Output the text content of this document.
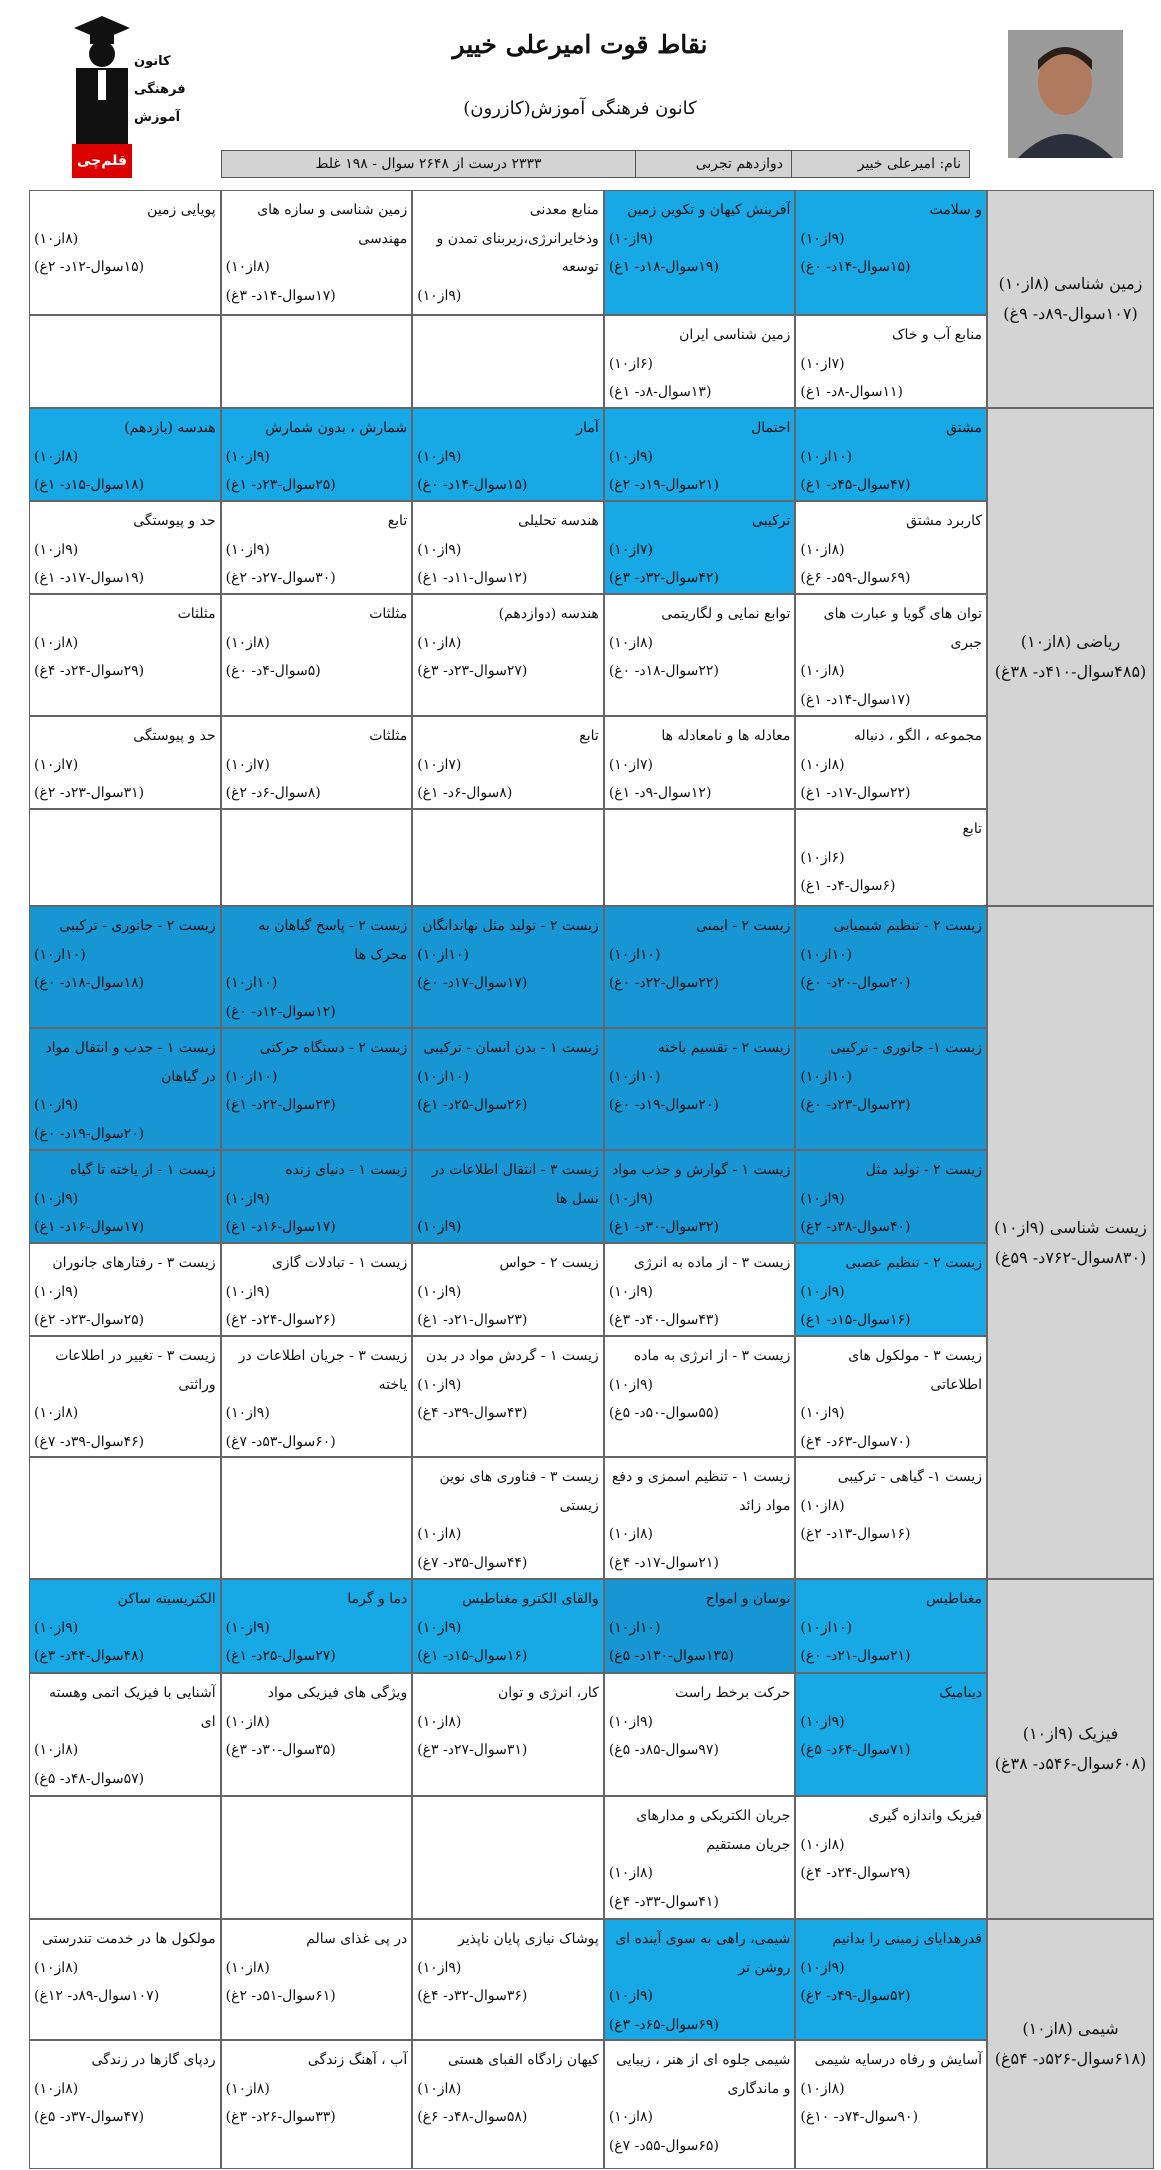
کانون
فرهنگی
آموزش
قلم‌چی
نقاط قوت امیرعلی خییر
کانون فرهنگی آموزش(کازرون)
نام: امیرعلی خییر
دوازدهم تجربی
۲۳۳۳ درست از ۲۶۴۸ سوال - ۱۹۸ غلط
زمین شناسی (۸از۱۰) (۱۰۷سوال-۸۹د- ۹غ)
و سلامت
(۹از۱۰)
(۱۵سوال-۱۴د- ۰غ)
آفرینش کیهان و تکوین زمین
(۹از۱۰)
(۱۹سوال-۱۸د- ۱غ)
منابع معدنی وذخایرانرژی،زیربنای تمدن و توسعه
(۹از۱۰)
زمین شناسی و سازه های مهندسی
(۸از۱۰)
(۱۷سوال-۱۴د- ۳غ)
پویایی زمین
(۸از۱۰)
(۱۵سوال-۱۲د- ۲غ)
منابع آب و خاک
(۷از۱۰)
(۱۱سوال-۸د- ۱غ)
زمین شناسی ایران
(۶از۱۰)
(۱۳سوال-۸د- ۱غ)
ریاضی (۸از۱۰) (۴۸۵سوال-۴۱۰د- ۳۸غ)
مشتق
(۱۰از۱۰)
(۴۷سوال-۴۵د- ۱غ)
احتمال
(۹از۱۰)
(۲۱سوال-۱۹د- ۲غ)
آمار
(۹از۱۰)
(۱۵سوال-۱۴د- ۰غ)
شمارش ، بدون شمارش
(۹از۱۰)
(۲۵سوال-۲۳د- ۱غ)
هندسه (یازدهم)
(۸از۱۰)
(۱۸سوال-۱۵د- ۱غ)
کاربرد مشتق
(۸از۱۰)
(۶۹سوال-۵۹د- ۶غ)
ترکیبی
(۷از۱۰)
(۴۲سوال-۳۲د- ۳غ)
هندسه تحلیلی
(۹از۱۰)
(۱۲سوال-۱۱د- ۱غ)
تابع
(۹از۱۰)
(۳۰سوال-۲۷د- ۲غ)
حد و پیوستگی
(۹از۱۰)
(۱۹سوال-۱۷د- ۱غ)
توان های گویا و عبارت های جبری
(۸از۱۰)
(۱۷سوال-۱۴د- ۱غ)
توابع نمایی و لگاریتمی
(۸از۱۰)
(۲۲سوال-۱۸د- ۰غ)
هندسه (دوازدهم)
(۸از۱۰)
(۲۷سوال-۲۳د- ۳غ)
مثلثات
(۸از۱۰)
(۵سوال-۴د- ۰غ)
مثلثات
(۸از۱۰)
(۲۹سوال-۲۴د- ۴غ)
مجموعه ، الگو ، دنباله
(۸از۱۰)
(۲۲سوال-۱۷د- ۱غ)
معادله ها و نامعادله ها
(۷از۱۰)
(۱۲سوال-۹د- ۱غ)
تابع
(۷از۱۰)
(۸سوال-۶د- ۱غ)
مثلثات
(۷از۱۰)
(۸سوال-۶د- ۲غ)
حد و پیوستگی
(۷از۱۰)
(۳۱سوال-۲۳د- ۲غ)
تابع
(۶از۱۰)
(۶سوال-۴د- ۱غ)
زیست شناسی (۹از۱۰) (۸۳۰سوال-۷۶۲د- ۵۹غ)
زیست ۲ - تنظیم شیمیایی
(۱۰از۱۰)
(۲۰سوال-۲۰د- ۰غ)
زیست ۲ - ایمنی
(۱۰از۱۰)
(۲۲سوال-۲۲د- ۰غ)
زیست ۲ - تولید مثل نهاندانگان
(۱۰از۱۰)
(۱۷سوال-۱۷د- ۰غ)
زیست ۲ - پاسخ گیاهان به محرک ها
(۱۰از۱۰)
(۱۲سوال-۱۲د- ۰غ)
زیست ۲ - جانوری - ترکیبی
(۱۰از۱۰)
(۱۸سوال-۱۸د- ۰غ)
زیست ۱- جانوری - ترکیبی
(۱۰از۱۰)
(۲۳سوال-۲۳د- ۰غ)
زیست ۲ - تقسیم یاخته
(۱۰از۱۰)
(۲۰سوال-۱۹د- ۰غ)
زیست ۱ - بدن انسان - ترکیبی
(۱۰از۱۰)
(۲۶سوال-۲۵د- ۱غ)
زیست ۲ - دستگاه حرکتی
(۱۰از۱۰)
(۲۳سوال-۲۲د- ۱غ)
زیست ۱ - جذب و انتقال مواد در گیاهان
(۹از۱۰)
(۲۰سوال-۱۹د- ۰غ)
زیست ۲ - تولید مثل
(۹از۱۰)
(۴۰سوال-۳۸د- ۲غ)
زیست ۱ - گوارش و جذب مواد
(۹از۱۰)
(۳۲سوال-۳۰د- ۱غ)
زیست ۳ - انتقال اطلاعات در نسل ها
(۹از۱۰)
زیست ۱ - دنیای زنده
(۹از۱۰)
(۱۷سوال-۱۶د- ۱غ)
زیست ۱ - از یاخته تا گیاه
(۹از۱۰)
(۱۷سوال-۱۶د- ۱غ)
زیست ۲ - تنظیم عصبی
(۹از۱۰)
(۱۶سوال-۱۵د- ۱غ)
زیست ۳ - از ماده به انرژی
(۹از۱۰)
(۴۳سوال-۴۰د- ۳غ)
زیست ۲ - حواس
(۹از۱۰)
(۲۳سوال-۲۱د- ۱غ)
زیست ۱ - تبادلات گازی
(۹از۱۰)
(۲۶سوال-۲۴د- ۲غ)
زیست ۳ - رفتارهای جانوران
(۹از۱۰)
(۲۵سوال-۲۳د- ۲غ)
زیست ۳ - مولکول های اطلاعاتی
(۹از۱۰)
(۷۰سوال-۶۳د- ۴غ)
زیست ۳ - از انرژی به ماده
(۹از۱۰)
(۵۵سوال-۵۰د- ۵غ)
زیست ۱ - گردش مواد در بدن
(۹از۱۰)
(۴۳سوال-۳۹د- ۴غ)
زیست ۳ - جریان اطلاعات در یاخته
(۹از۱۰)
(۶۰سوال-۵۳د- ۷غ)
زیست ۳ - تغییر در اطلاعات وراثتی
(۸از۱۰)
(۴۶سوال-۳۹د- ۷غ)
زیست ۱- گیاهی - ترکیبی
(۸از۱۰)
(۱۶سوال-۱۳د- ۲غ)
زیست ۱ - تنظیم اسمزی و دفع مواد زائد
(۸از۱۰)
(۲۱سوال-۱۷د- ۴غ)
زیست ۳ - فناوری های نوین زیستی
(۸از۱۰)
(۴۴سوال-۳۵د- ۷غ)
فیزیک (۹از۱۰) (۶۰۸سوال-۵۴۶د- ۳۸غ)
مغناطیس
(۱۰از۱۰)
(۲۱سوال-۲۱د- ۰غ)
نوسان و امواج
(۱۰از۱۰)
(۱۳۵سوال-۱۳۰د- ۵غ)
والقای الکترو مغناطیس
(۹از۱۰)
(۱۶سوال-۱۵د- ۱غ)
دما و گرما
(۹از۱۰)
(۲۷سوال-۲۵د- ۱غ)
الکتریسیته ساکن
(۹از۱۰)
(۴۸سوال-۴۴د- ۳غ)
دینامیک
(۹از۱۰)
(۷۱سوال-۶۴د- ۵غ)
حرکت برخط راست
(۹از۱۰)
(۹۷سوال-۸۵د- ۵غ)
کار، انرژی و توان
(۸از۱۰)
(۳۱سوال-۲۷د- ۳غ)
ویژگی های فیزیکی مواد
(۸از۱۰)
(۳۵سوال-۳۰د- ۳غ)
آشنایی با فیزیک اتمی وهسته ای
(۸از۱۰)
(۵۷سوال-۴۸د- ۵غ)
فیزیک واندازه گیری
(۸از۱۰)
(۲۹سوال-۲۴د- ۴غ)
جریان الکتریکی و مدارهای جریان مستقیم
(۸از۱۰)
(۴۱سوال-۳۳د- ۴غ)
شیمی (۸از۱۰) (۶۱۸سوال-۵۲۶د- ۵۴غ)
قدرهدایای زمینی را بدانیم
(۹از۱۰)
(۵۲سوال-۴۹د- ۲غ)
شیمی، راهی به سوی آینده ای روشن تر
(۹از۱۰)
(۶۹سوال-۶۵د- ۳غ)
پوشاک نیازی پایان ناپذیر
(۹از۱۰)
(۳۶سوال-۳۲د- ۴غ)
در پی غذای سالم
(۸از۱۰)
(۶۱سوال-۵۱د- ۲غ)
مولکول ها در خدمت تندرستی
(۸از۱۰)
(۱۰۷سوال-۸۹د- ۱۲غ)
آسایش و رفاه درسایه شیمی
(۸از۱۰)
(۹۰سوال-۷۴د- ۱۰غ)
شیمی جلوه ای از هنر ، زیبایی و ماندگاری
(۸از۱۰)
(۶۵سوال-۵۵د- ۷غ)
کیهان زادگاه الفبای هستی
(۸از۱۰)
(۵۸سوال-۴۸د- ۶غ)
آب ، آهنگ زندگی
(۸از۱۰)
(۳۳سوال-۲۶د- ۳غ)
ردپای گازها در زندگی
(۸از۱۰)
(۴۷سوال-۳۷د- ۵غ)
